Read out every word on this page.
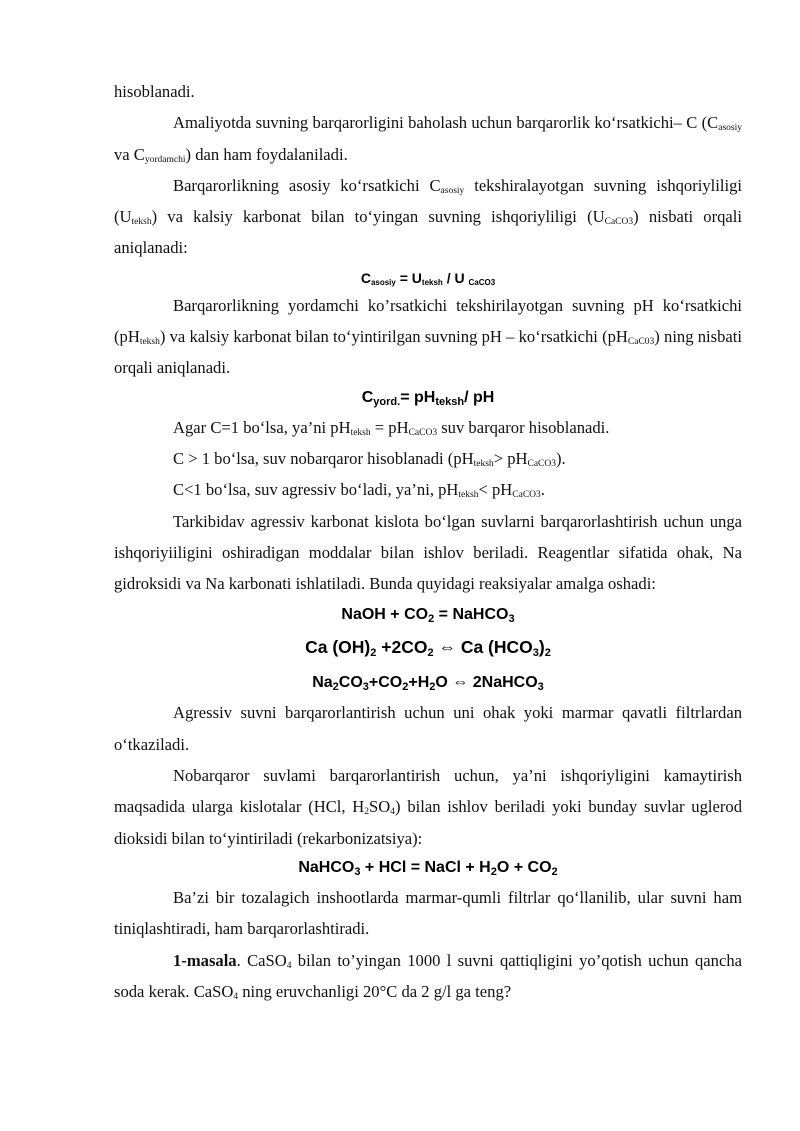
hisoblanadi.

Amaliyotda suvning barqarorligini baholash uchun barqarorlik ko‘rsatkichi– C ($C_{asosiy}$ va $C_{yordamchi}$) dan ham foydalaniladi.

Barqarorlikning asosiy ko‘rsatkichi $C_{asosiy}$ tekshiralayotgan suvning ishqoriyliligi $(U_{teksh})$ va kalsiy karbonat bilan to‘yingan suvning ishqoriyliligi $(U_{CaCO3})$ nisbati orqali aniqlanadi:

$C_{asosiy} = U_{teksh} / U$ $_{CaCO3}$

Barqarorlikning yordamchi ko’rsatkichi tekshirilayotgan suvning pH ko‘rsatkichi $(pH_{teksh})$ va kalsiy karbonat bilan to‘yintirilgan suvning pH – ko‘rsatkichi $(pH_{CaC03})$ ning nisbati orqali aniqlanadi.

$C_{yord.}= pH_{teksh}/$ pH

Agar C=1 bo‘lsa, ya’ni $pH_{teksh} = pH_{CaCO3}$ suv barqaror hisoblanadi.

C > 1 bo‘lsa, suv nobarqaror hisoblanadi $(pH_{teksh}> pH_{CaCO3})$.

C<1 bo‘lsa, suv agressiv bo‘ladi, ya’ni, $pH_{teksh}< pH_{CaCO3}$.

Tarkibidav agressiv karbonat kislota bo‘lgan suvlarni barqarorlashtirish uchun unga ishqoriyiiligini oshiradigan moddalar bilan ishlov beriladi. Reagentlar sifatida ohak, Na gidroksidi va Na karbonati ishlatiladi. Bunda quyidagi reaksiyalar amalga oshadi:

NaOH + $CO_2$ = NaHCO$_3$
Ca $(OH)_2 +2CO_2$ ⇔ Ca $(HCO_3)_2$
$Na_2CO_3+CO_2+H_2O$ ⇔ 2NaHCO$_3$

Agressiv suvni barqarorlantirish uchun uni ohak yoki marmar qavatli filtrlardan o‘tkaziladi.

Nobarqaror suvlami barqarorlantirish uchun, ya’ni ishqoriyligini kamaytirish maqsadida ularga kislotalar (HCl, $H_2SO_4$) bilan ishlov beriladi yoki bunday suvlar uglerod dioksidi bilan to‘yintiriladi (rekarbonizatsiya):

NaHCO$_3$ + HCl = NaCl + $H_2O + CO_2$

Ba’zi bir tozalagich inshootlarda marmar-qumli filtrlar qo‘llanilib, ular suvni ham tiniqlashtiradi, ham barqarorlashtiradi.

1-masala. CaSO$_4$ bilan to’yingan 1000 l suvni qattiqligini yo’qotish uchun qancha soda kerak. CaSO$_4$ ning eruvchanligi 20°C da 2 g/l ga teng?
